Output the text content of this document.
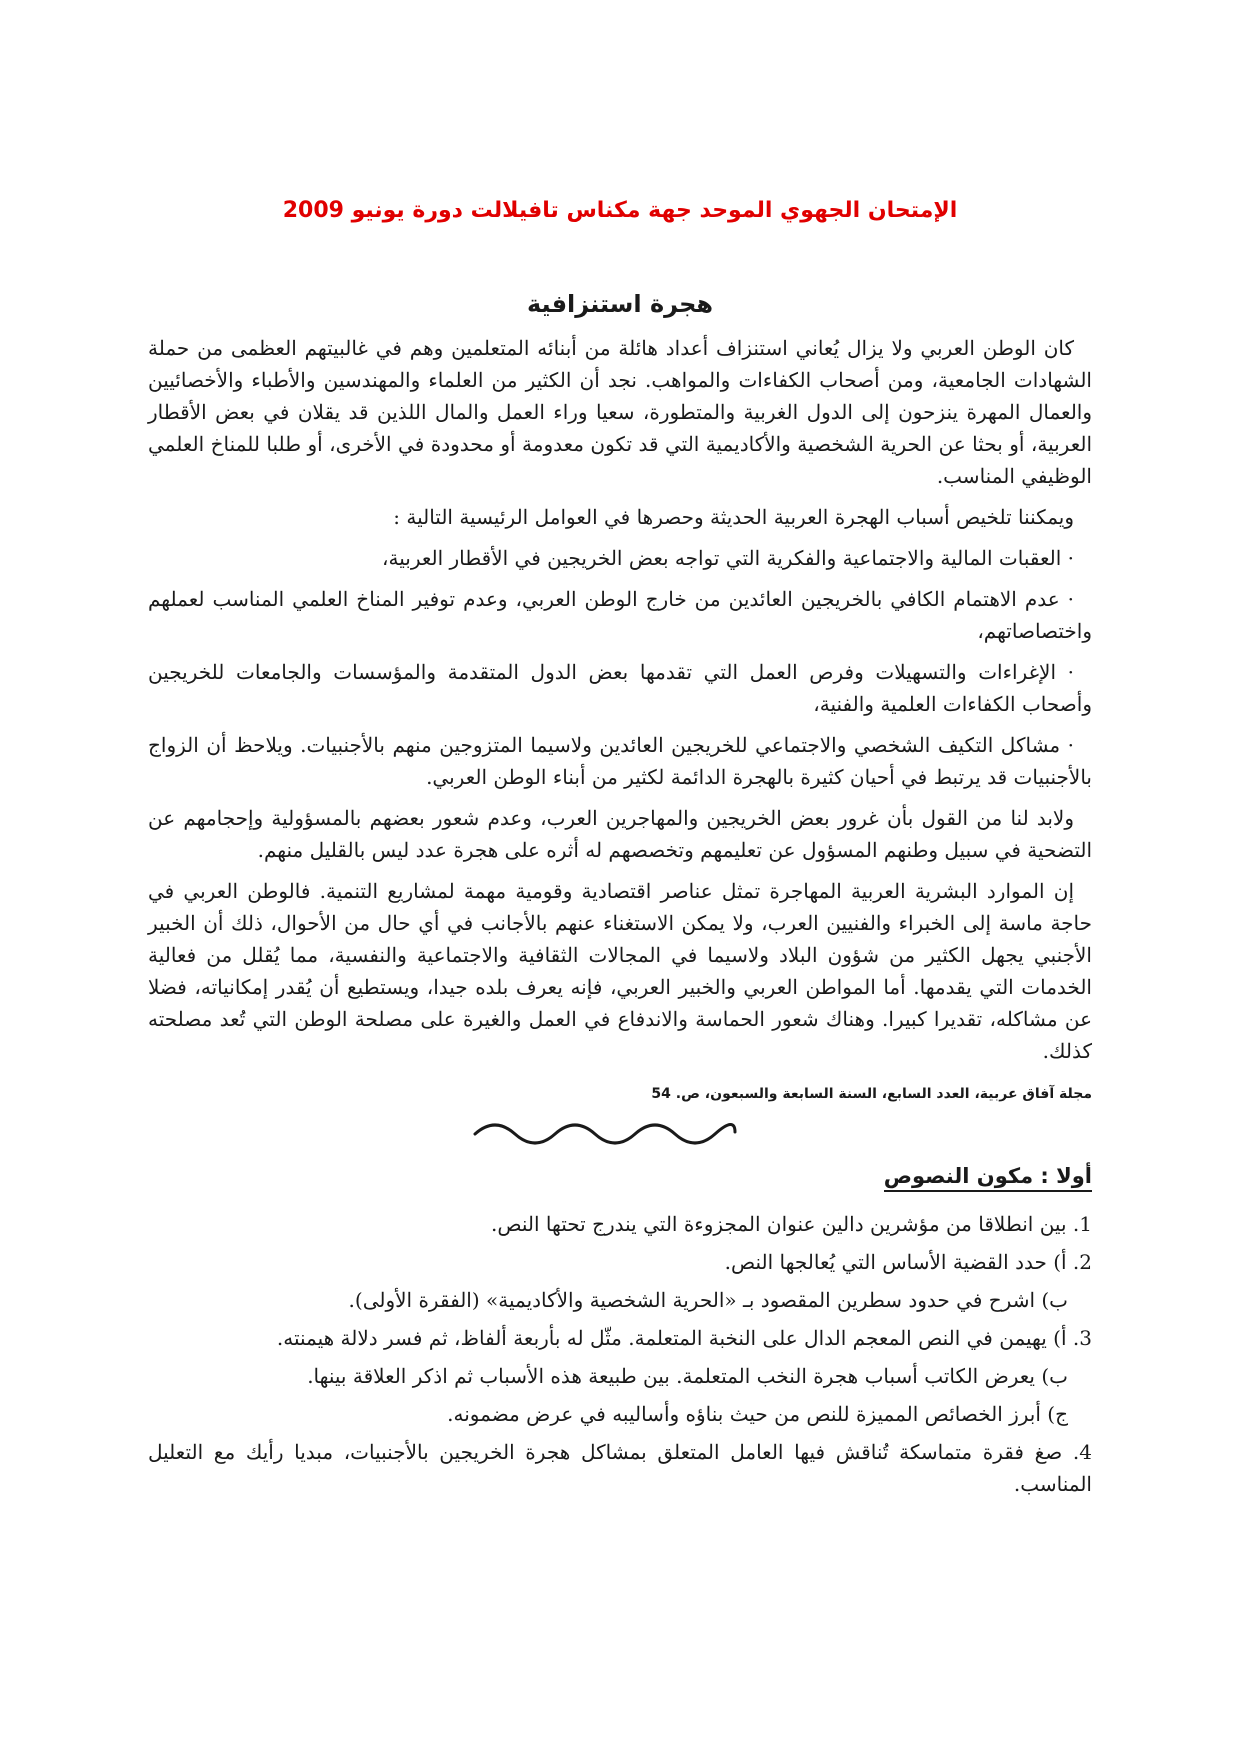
الإمتحان الجهوي الموحد جهة مكناس تافيلالت دورة يونيو 2009
هجرة استنزافية

كان الوطن العربي ولا يزال يُعاني استنزاف أعداد هائلة من أبنائه المتعلمين وهم في غالبيتهم العظمى من حملة الشهادات الجامعية، ومن أصحاب الكفاءات والمواهب. نجد أن الكثير من العلماء والمهندسين والأطباء والأخصائيين والعمال المهرة ينزحون إلى الدول الغربية والمتطورة، سعيا وراء العمل والمال اللذين قد يقلان في بعض الأقطار العربية، أو بحثا عن الحرية الشخصية والأكاديمية التي قد تكون معدومة أو محدودة في الأخرى، أو طلبا للمناخ العلمي الوظيفي المناسب.

ويمكننا تلخيص أسباب الهجرة العربية الحديثة وحصرها في العوامل الرئيسية التالية :

· العقبات المالية والاجتماعية والفكرية التي تواجه بعض الخريجين في الأقطار العربية،

· عدم الاهتمام الكافي بالخريجين العائدين من خارج الوطن العربي، وعدم توفير المناخ العلمي المناسب لعملهم واختصاصاتهم،

· الإغراءات والتسهيلات وفرص العمل التي تقدمها بعض الدول المتقدمة والمؤسسات والجامعات للخريجين وأصحاب الكفاءات العلمية والفنية،

· مشاكل التكيف الشخصي والاجتماعي للخريجين العائدين ولاسيما المتزوجين منهم بالأجنبيات. ويلاحظ أن الزواج بالأجنبيات قد يرتبط في أحيان كثيرة بالهجرة الدائمة لكثير من أبناء الوطن العربي.

ولابد لنا من القول بأن غرور بعض الخريجين والمهاجرين العرب، وعدم شعور بعضهم بالمسؤولية وإحجامهم عن التضحية في سبيل وطنهم المسؤول عن تعليمهم وتخصصهم له أثره على هجرة عدد ليس بالقليل منهم.

إن الموارد البشرية العربية المهاجرة تمثل عناصر اقتصادية وقومية مهمة لمشاريع التنمية. فالوطن العربي في حاجة ماسة إلى الخبراء والفنيين العرب، ولا يمكن الاستغناء عنهم بالأجانب في أي حال من الأحوال، ذلك أن الخبير الأجنبي يجهل الكثير من شؤون البلاد ولاسيما في المجالات الثقافية والاجتماعية والنفسية، مما يُقلل من فعالية الخدمات التي يقدمها. أما المواطن العربي والخبير العربي، فإنه يعرف بلده جيدا، ويستطيع أن يُقدر إمكانياته، فضلا عن مشاكله، تقديرا كبيرا. وهناك شعور الحماسة والاندفاع في العمل والغيرة على مصلحة الوطن التي تُعد مصلحته كذلك.

مجلة آفاق عربية، العدد السابع، السنة السابعة والسبعون، ص. 54
أولا : مكون النصوص
1. بين انطلاقا من مؤشرين دالين عنوان المجزوءة التي يندرج تحتها النص.
2. أ) حدد القضية الأساس التي يُعالجها النص.
ب) اشرح في حدود سطرين المقصود بـ «الحرية الشخصية والأكاديمية» (الفقرة الأولى).
3. أ) يهيمن في النص المعجم الدال على النخبة المتعلمة. مثّل له بأربعة ألفاظ، ثم فسر دلالة هيمنته.
ب) يعرض الكاتب أسباب هجرة النخب المتعلمة. بين طبيعة هذه الأسباب ثم اذكر العلاقة بينها.
ج) أبرز الخصائص المميزة للنص من حيث بناؤه وأساليبه في عرض مضمونه.
4. صغ فقرة متماسكة تُناقش فيها العامل المتعلق بمشاكل هجرة الخريجين بالأجنبيات، مبديا رأيك مع التعليل المناسب.
